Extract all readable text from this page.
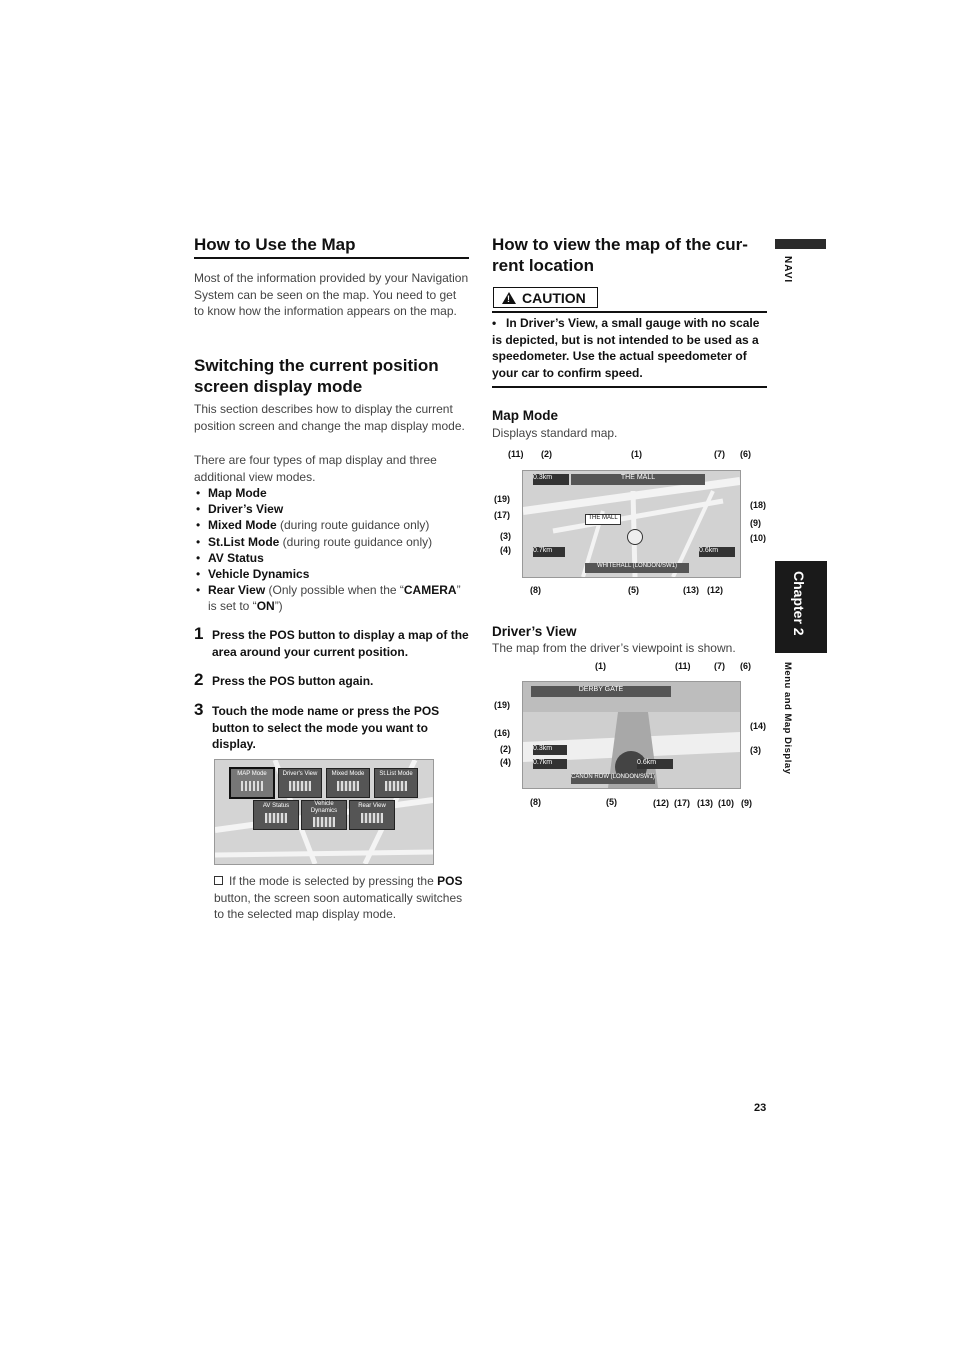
How to Use the Map
Most of the information provided by your Navigation System can be seen on the map. You need to get to know how the information appears on the map.
Switching the current position
screen display mode
This section describes how to display the current position screen and change the map display mode.
There are four types of map display and three additional view modes.
• Map Mode
• Driver’s View
• Mixed Mode (during route guidance only)
• St.List Mode (during route guidance only)
• AV Status
• Vehicle Dynamics
• Rear View (Only possible when the “CAMERA” is set to “ON”)
1 Press the POS button to display a map of the area around your current position.
2 Press the POS button again.
3 Touch the mode name or press the POS button to select the mode you want to display.
MAP Mode	Driver's View	Mixed Mode	St.List Mode
AV Status	Vehicle Dynamics
Rear View
If the mode is selected by pressing the POS button, the screen soon automatically switches to the selected map display mode.
How to view the map of the cur-
rent location
! CAUTION
• In Driver’s View, a small gauge with no scale is depicted, but is not intended to be used as a speedometer. Use the actual speedometer of your car to confirm speed.
Map Mode
Displays standard map.
0.3km	THE MALL
THE MALL
0.7km
WHITEHALL (LONDON/SW1)
0.6km
(11) (2)	(1)	(7) (6)
(19)
(17)
(3)
(4)
(18)
(9)
(10)
(8)	(5)	(13) (12)
Driver’s View
The map from the driver’s viewpoint is shown.
DERBY GATE
0.3km
0.7km	0.6km
CANON ROW (LONDON/SW1)
(1)	(11)	(7) (6)
(19)
(16)
(2)
(4)
(14)
(3)
(8)	(5)	(12) (17) (13) (10) (9)
NAVI
Chapter 2
Menu and Map Display
23
